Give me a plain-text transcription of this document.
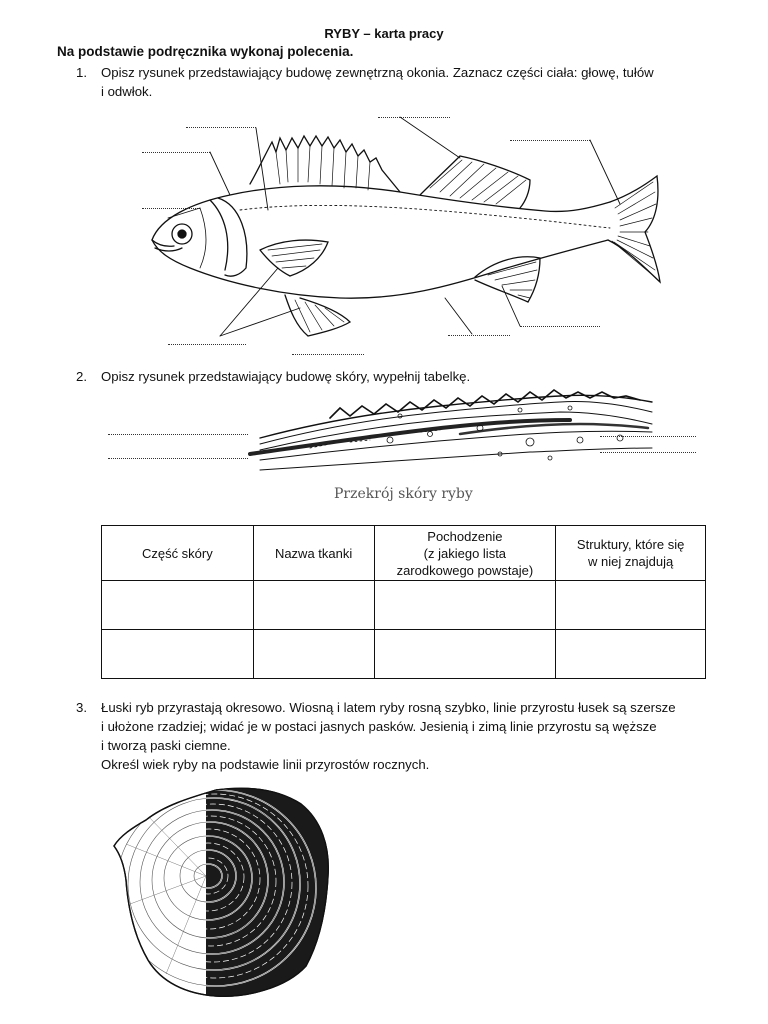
RYBY – karta pracy
Na podstawie podręcznika wykonaj polecenia.
1. Opisz rysunek przedstawiający budowę zewnętrzną okonia. Zaznacz części ciała: głowę, tułów
i odwłok.
2. Opisz rysunek przedstawiający budowę skóry, wypełnij tabelkę.
Przekrój skóry ryby
Część skóry	Nazwa tkanki	Pochodzenie
(z jakiego lista
zarodkowego powstaje)	Struktury, które się
w niej znajdują

3. Łuski ryb przyrastają okresowo. Wiosną i latem ryby rosną szybko, linie przyrostu łusek są szersze
i ułożone rzadziej; widać je w postaci jasnych pasków. Jesienią i zimą linie przyrostu są węższe
i tworzą paski ciemne.
Określ wiek ryby na podstawie linii przyrostów rocznych.
